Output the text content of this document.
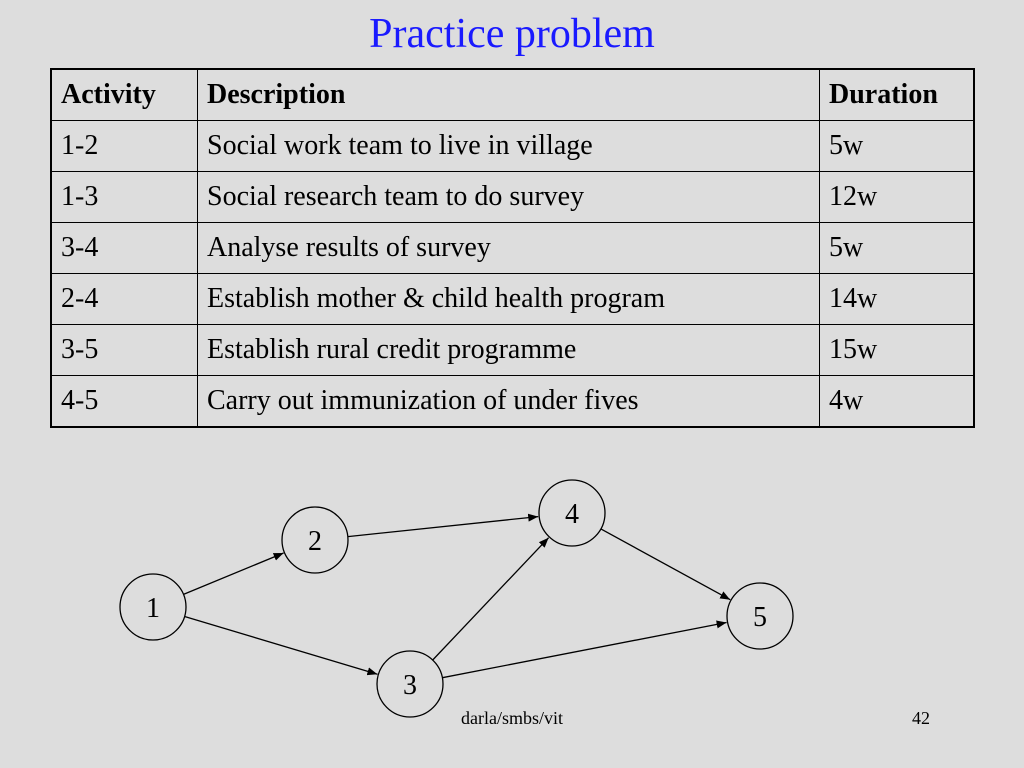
Practice problem
Activity	Description	Duration
1-2	Social work team to live in village	5w
1-3	Social research team to do survey	12w
3-4	Analyse results of survey	5w
2-4	Establish mother & child health program	14w
3-5	Establish rural credit programme	15w
4-5	Carry out immunization of under fives	4w
1
2
3
4
5
darla/smbs/vit	42
